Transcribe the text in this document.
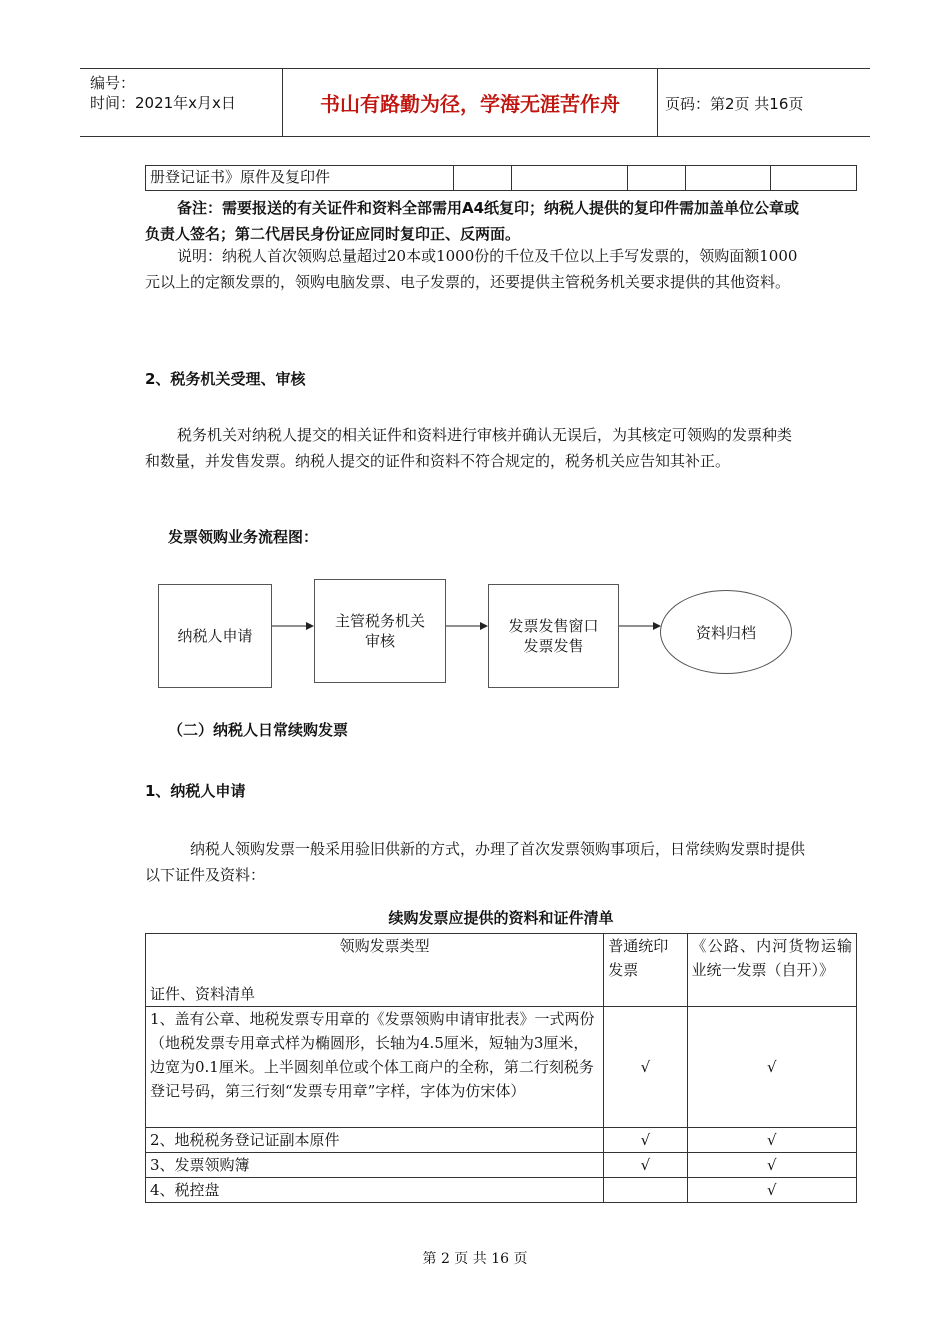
编号：
时间：2021年x月x日	书山有路勤为径，学海无涯苦作舟	页码：第2页 共16页
册登记证书》原件及复印件					
备注：需要报送的有关证件和资料全部需用A4纸复印；纳税人提供的复印件需加盖单位公章或负责人签名；第二代居民身份证应同时复印正、反两面。
说明：纳税人首次领购总量超过20本或1000份的千位及千位以上手写发票的，领购面额1000元以上的定额发票的，领购电脑发票、电子发票的，还要提供主管税务机关要求提供的其他资料。
2、税务机关受理、审核
税务机关对纳税人提交的相关证件和资料进行审核并确认无误后，为其核定可领购的发票种类和数量，并发售发票。纳税人提交的证件和资料不符合规定的，税务机关应告知其补正。
发票领购业务流程图：
纳税人申请
主管税务机关
审核
发票发售窗口
发票发售
资料归档
（二）纳税人日常续购发票
1、纳税人申请
纳税人领购发票一般采用验旧供新的方式，办理了首次发票领购事项后，日常续购发票时提供以下证件及资料：
续购发票应提供的资料和证件清单
领购发票类型
证件、资料清单	普通统印发票	《公路、内河货物运输业统一发票（自开）》
1、盖有公章、地税发票专用章的《发票领购申请审批表》一式两份（地税发票专用章式样为椭圆形，长轴为4.5厘米，短轴为3厘米，边宽为0.1厘米。上半圆刻单位或个体工商户的全称，第二行刻税务登记号码，第三行刻“发票专用章”字样，字体为仿宋体）	√	√
2、地税税务登记证副本原件	√	√
3、发票领购簿	√	√
4、税控盘		√
第 2 页 共 16 页
